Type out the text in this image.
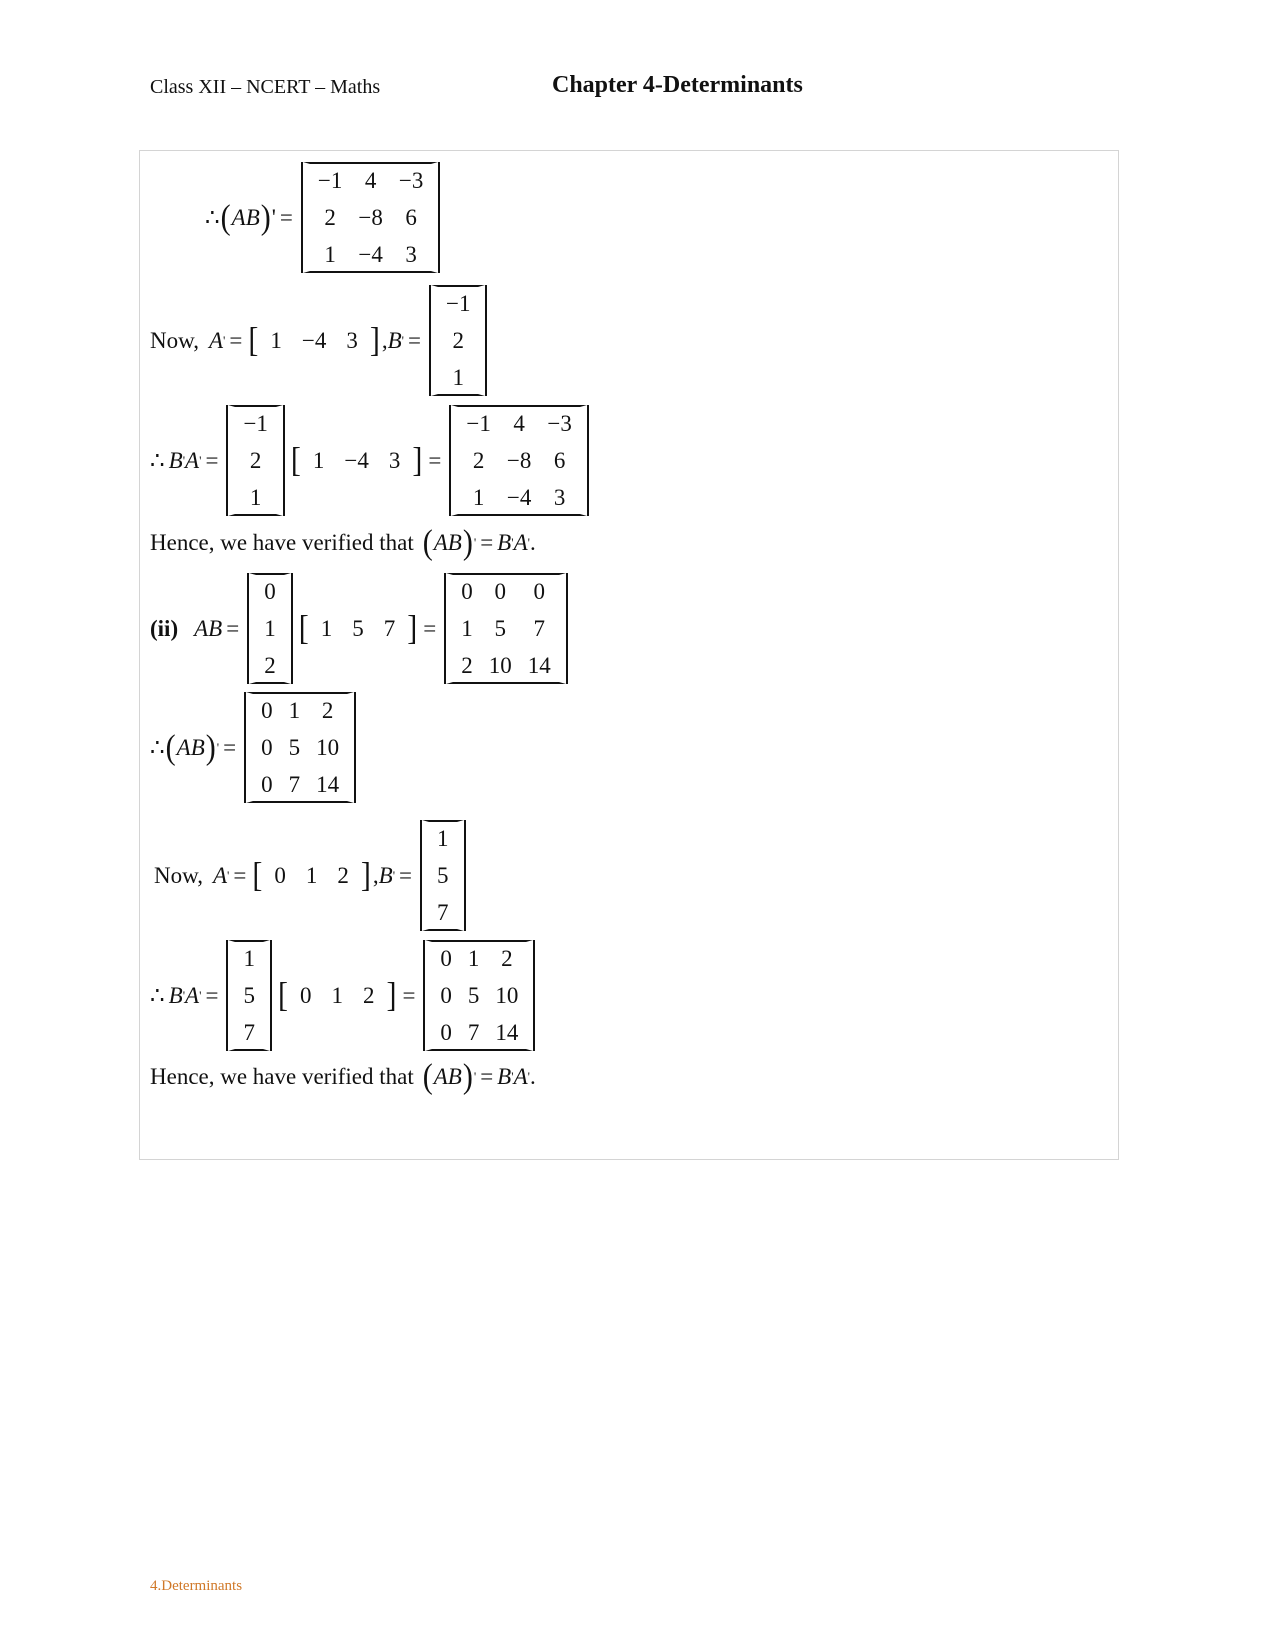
Class XII – NCERT – Maths	Chapter 4-Determinants
∴ ( AB ) ' =
−1 4 −3
2 −8 6
1 −4 3
Now, A ' = [ 1 −4 3 ] , B ' =
−1
2
1
∴ B ' A ' =
−1
2
1
[ 1 −4 3 ] =
−1 4 −3
2 −8 6
1 −4 3
Hence, we have verified that ( AB ) ' = B ' A ' .
(ii) AB =
0
1
2
[ 1 5 7 ] =
0 0	0
1 5	7
2 10 14
∴ ( AB ) ' =
0 1 2
0 5 10
0 7 14
Now, A ' = [ 0 1 2 ] , B ' =
1
5
7
∴ B ' A ' =
1
5
7
[ 0 1 2 ] =
0 1 2
0 5 10
0 7 14
Hence, we have verified that ( AB ) ' = B ' A ' .
4.Determinants
